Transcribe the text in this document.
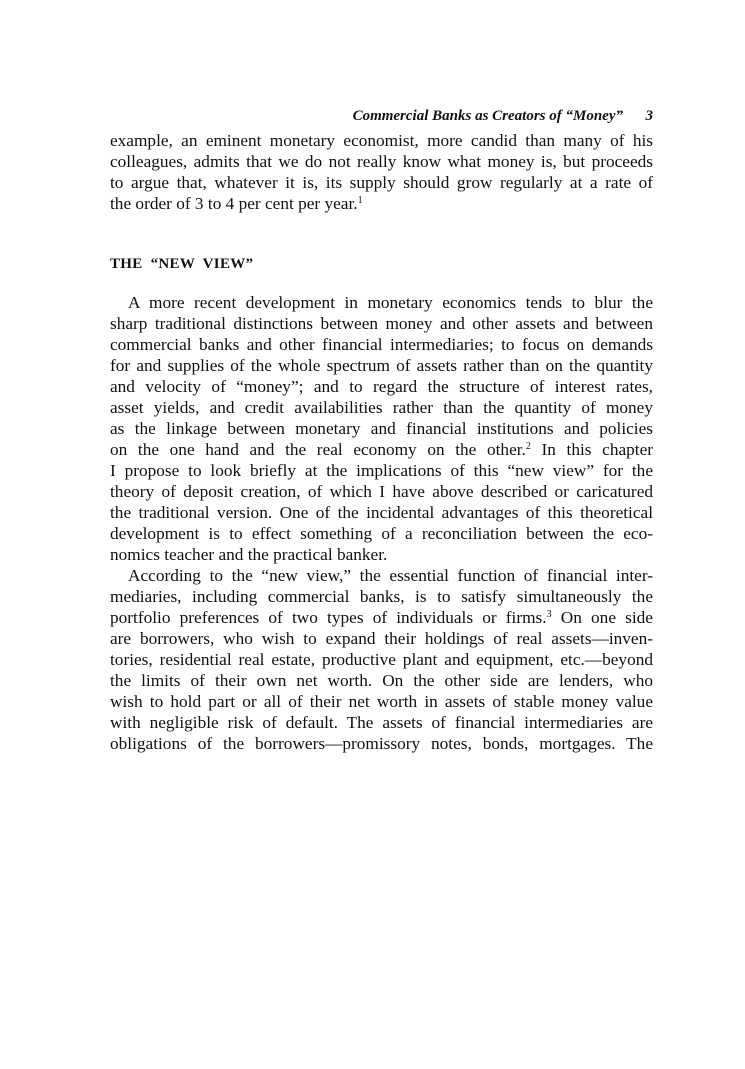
Commercial Banks as Creators of “Money” 3
example, an eminent monetary economist, more candid than many of his
colleagues, admits that we do not really know what money is, but proceeds
to argue that, whatever it is, its supply should grow regularly at a rate of
the order of 3 to 4 per cent per year.$^1$
THE “NEW VIEW”
A more recent development in monetary economics tends to blur the
sharp traditional distinctions between money and other assets and between
commercial banks and other financial intermediaries; to focus on demands
for and supplies of the whole spectrum of assets rather than on the quantity
and velocity of “money”; and to regard the structure of interest rates,
asset yields, and credit availabilities rather than the quantity of money
as the linkage between monetary and financial institutions and policies
on the one hand and the real economy on the other.$^2$ In this chapter
I propose to look briefly at the implications of this “new view” for the
theory of deposit creation, of which I have above described or caricatured
the traditional version. One of the incidental advantages of this theoretical
development is to effect something of a reconciliation between the eco-
nomics teacher and the practical banker.
According to the “new view,” the essential function of financial inter-
mediaries, including commercial banks, is to satisfy simultaneously the
portfolio preferences of two types of individuals or firms.$^3$ On one side
are borrowers, who wish to expand their holdings of real assets—inven-
tories, residential real estate, productive plant and equipment, etc.—beyond
the limits of their own net worth. On the other side are lenders, who
wish to hold part or all of their net worth in assets of stable money value
with negligible risk of default. The assets of financial intermediaries are
obligations of the borrowers—promissory notes, bonds, mortgages. The
